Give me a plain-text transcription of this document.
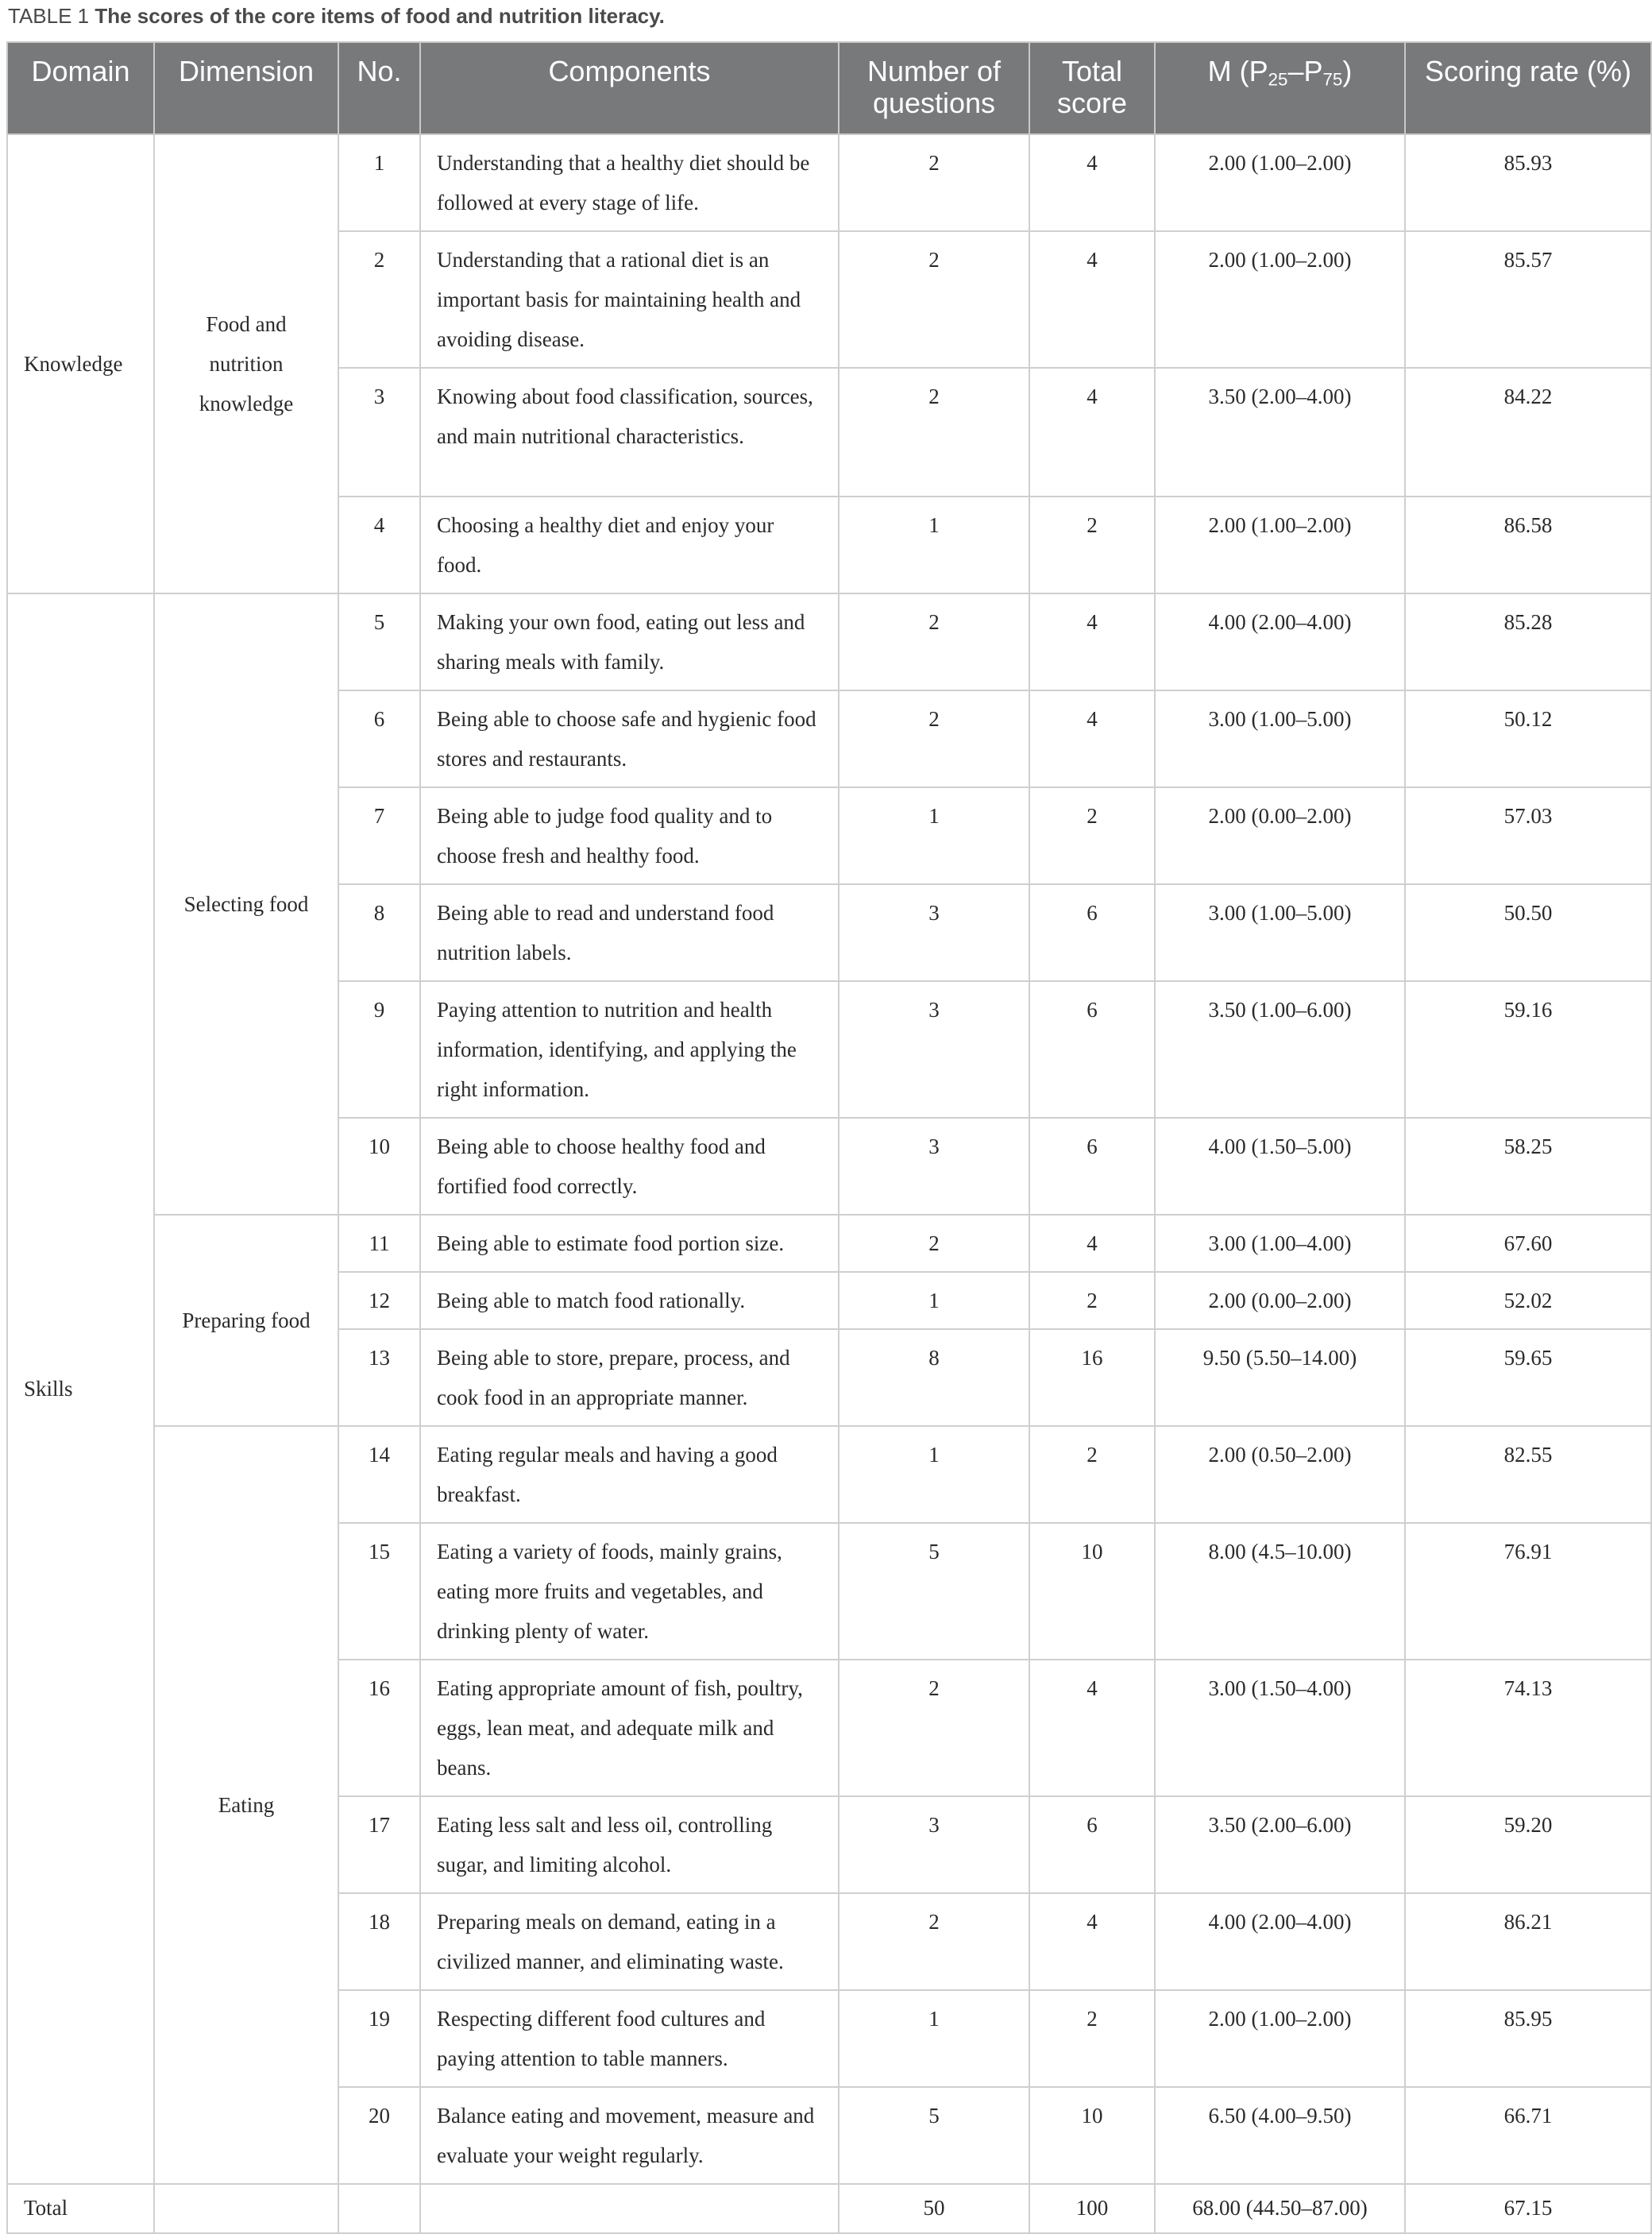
TABLE 1 The scores of the core items of food and nutrition literacy.
Domain	Dimension	No.	Components	Number of
questions	Total
score	M $(P_{25}-P_{75})$	Scoring rate (%)
Knowledge	Food and
nutrition
knowledge	1	Understanding that a healthy diet should be followed at every stage of life.	2	4	2.00 (1.00–2.00)	85.93
		2	Understanding that a rational diet is an important basis for maintaining health and avoiding disease.	2	4	2.00 (1.00–2.00)	85.57
		3	Knowing about food classification, sources, and main nutritional characteristics.	2	4	3.50 (2.00–4.00)	84.22
		4	Choosing a healthy diet and enjoy your food.	1	2	2.00 (1.00–2.00)	86.58
Skills	Selecting food	5	Making your own food, eating out less and sharing meals with family.	2	4	4.00 (2.00–4.00)	85.28
		6	Being able to choose safe and hygienic food stores and restaurants.	2	4	3.00 (1.00–5.00)	50.12
		7	Being able to judge food quality and to choose fresh and healthy food.	1	2	2.00 (0.00–2.00)	57.03
		8	Being able to read and understand food nutrition labels.	3	6	3.00 (1.00–5.00)	50.50
		9	Paying attention to nutrition and health information, identifying, and applying the right information.	3	6	3.50 (1.00–6.00)	59.16
		10	Being able to choose healthy food and fortified food correctly.	3	6	4.00 (1.50–5.00)	58.25
	Preparing food	11	Being able to estimate food portion size.	2	4	3.00 (1.00–4.00)	67.60
		12	Being able to match food rationally.	1	2	2.00 (0.00–2.00)	52.02
		13	Being able to store, prepare, process, and cook food in an appropriate manner.	8	16	9.50 (5.50–14.00)	59.65
	Eating	14	Eating regular meals and having a good breakfast.	1	2	2.00 (0.50–2.00)	82.55
		15	Eating a variety of foods, mainly grains, eating more fruits and vegetables, and drinking plenty of water.	5	10	8.00 (4.5–10.00)	76.91
		16	Eating appropriate amount of fish, poultry, eggs, lean meat, and adequate milk and beans.	2	4	3.00 (1.50–4.00)	74.13
		17	Eating less salt and less oil, controlling sugar, and limiting alcohol.	3	6	3.50 (2.00–6.00)	59.20
		18	Preparing meals on demand, eating in a civilized manner, and eliminating waste.	2	4	4.00 (2.00–4.00)	86.21
		19	Respecting different food cultures and paying attention to table manners.	1	2	2.00 (1.00–2.00)	85.95
		20	Balance eating and movement, measure and evaluate your weight regularly.	5	10	6.50 (4.00–9.50)	66.71
Total				50	100	68.00 (44.50–87.00)	67.15
